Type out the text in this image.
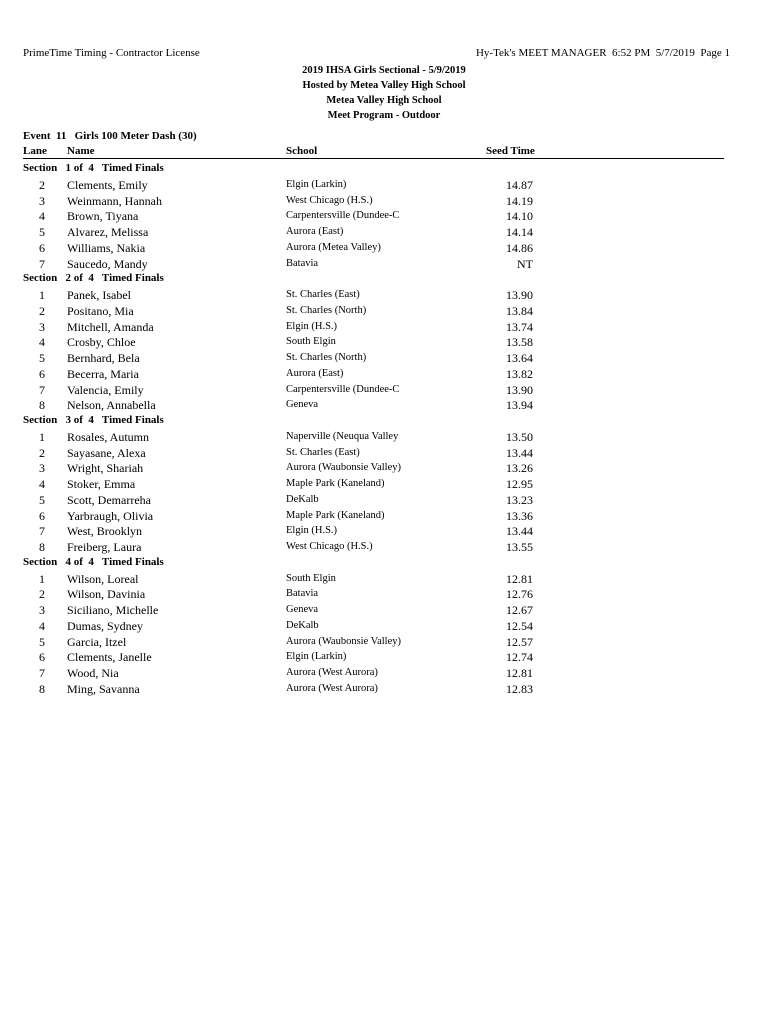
PrimeTime Timing - Contractor License	Hy-Tek's MEET MANAGER  6:52 PM  5/7/2019  Page 1
2019 IHSA Girls Sectional - 5/9/2019
Hosted by Metea Valley High School
Metea Valley High School
Meet Program - Outdoor
Event  11   Girls 100 Meter Dash (30)
Lane Name	School	Seed Time
Section   1 of  4   Timed Finals
2 Clements, Emily	Elgin (Larkin)	14.87
3 Weinmann, Hannah	West Chicago (H.S.)	14.19
4 Brown, Tiyana	Carpentersville (Dundee-C	14.10
5 Alvarez, Melissa	Aurora (East)	14.14
6 Williams, Nakia	Aurora (Metea Valley)	14.86
7 Saucedo, Mandy	Batavia	NT
Section   2 of  4   Timed Finals
1 Panek, Isabel	St. Charles (East)	13.90
2 Positano, Mia	St. Charles (North)	13.84
3 Mitchell, Amanda	Elgin (H.S.)	13.74
4 Crosby, Chloe	South Elgin	13.58
5 Bernhard, Bela	St. Charles (North)	13.64
6 Becerra, Maria	Aurora (East)	13.82
7 Valencia, Emily	Carpentersville (Dundee-C	13.90
8 Nelson, Annabella	Geneva	13.94
Section   3 of  4   Timed Finals
1 Rosales, Autumn	Naperville (Neuqua Valley	13.50
2 Sayasane, Alexa	St. Charles (East)	13.44
3 Wright, Shariah	Aurora (Waubonsie Valley)	13.26
4 Stoker, Emma	Maple Park (Kaneland)	12.95
5 Scott, Demarreha	DeKalb	13.23
6 Yarbraugh, Olivia	Maple Park (Kaneland)	13.36
7 West, Brooklyn	Elgin (H.S.)	13.44
8 Freiberg, Laura	West Chicago (H.S.)	13.55
Section   4 of  4   Timed Finals
1 Wilson, Loreal	South Elgin	12.81
2 Wilson, Davinia	Batavia	12.76
3 Siciliano, Michelle	Geneva	12.67
4 Dumas, Sydney	DeKalb	12.54
5 Garcia, Itzel	Aurora (Waubonsie Valley)	12.57
6 Clements, Janelle	Elgin (Larkin)	12.74
7 Wood, Nia	Aurora (West Aurora)	12.81
8 Ming, Savanna	Aurora (West Aurora)	12.83
